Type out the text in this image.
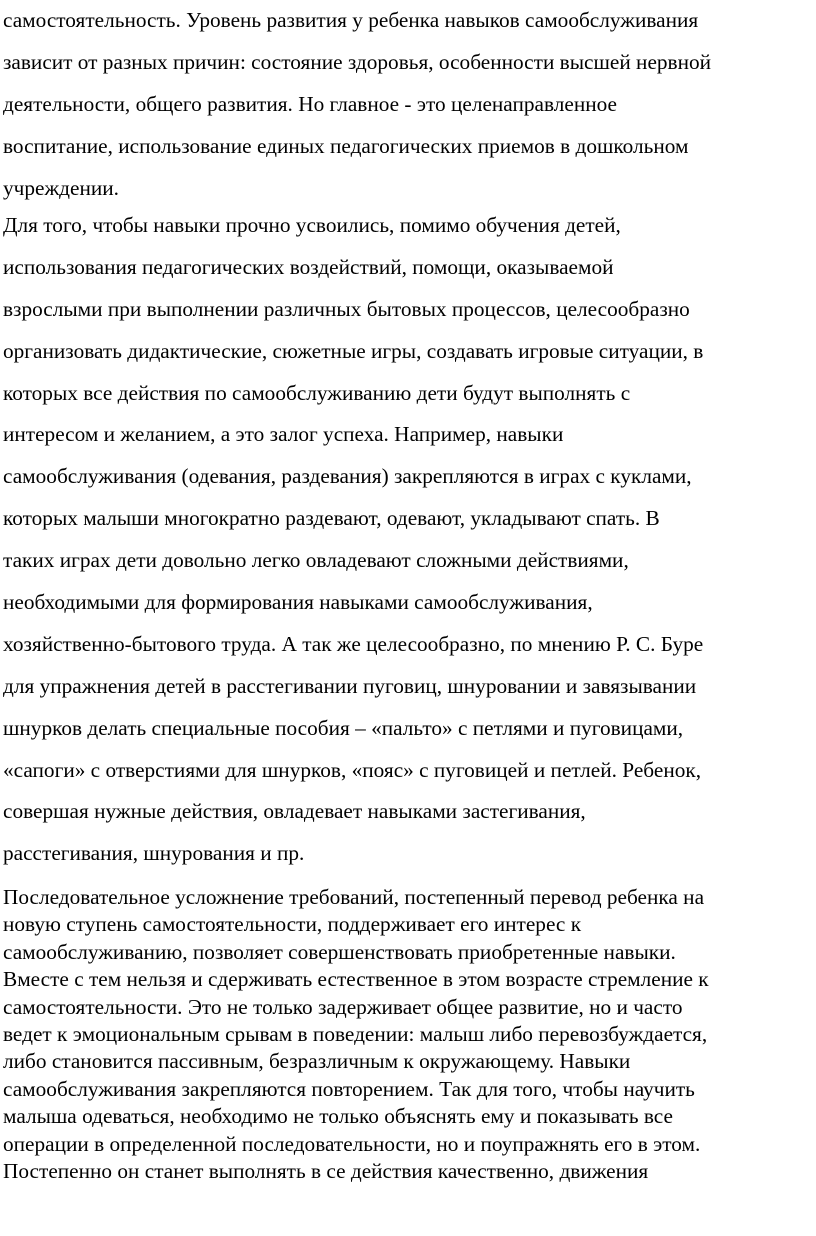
самостоятельность. Уровень развития у ребенка навыков самообслуживания
зависит от разных причин: состояние здоровья, особенности высшей нервной
деятельности, общего развития. Но главное - это целенаправленное
воспитание, использование единых педагогических приемов в дошкольном
учреждении.
Для того, чтобы навыки прочно усвоились, помимо обучения детей,
использования педагогических воздействий, помощи, оказываемой
взрослыми при выполнении различных бытовых процессов, целесообразно
организовать дидактические, сюжетные игры, создавать игровые ситуации, в
которых все действия по самообслуживанию дети будут выполнять с
интересом и желанием, а это залог успеха. Например, навыки
самообслуживания (одевания, раздевания) закрепляются в играх с куклами,
которых малыши многократно раздевают, одевают, укладывают спать. В
таких играх дети довольно легко овладевают сложными действиями,
необходимыми для формирования навыками самообслуживания,
хозяйственно-бытового труда. А так же целесообразно, по мнению Р. С. Буре
для упражнения детей в расстегивании пуговиц, шнуровании и завязывании
шнурков делать специальные пособия – «пальто» с петлями и пуговицами,
«сапоги» с отверстиями для шнурков, «пояс» с пуговицей и петлей. Ребенок,
совершая нужные действия, овладевает навыками застегивания,
расстегивания, шнурования и пр.
Последовательное усложнение требований, постепенный перевод ребенка на
новую ступень самостоятельности, поддерживает его интерес к
самообслуживанию, позволяет совершенствовать приобретенные навыки.
Вместе с тем нельзя и сдерживать естественное в этом возрасте стремление к
самостоятельности. Это не только задерживает общее развитие, но и часто
ведет к эмоциональным срывам в поведении: малыш либо перевозбуждается,
либо становится пассивным, безразличным к окружающему. Навыки
самообслуживания закрепляются повторением. Так для того, чтобы научить
малыша одеваться, необходимо не только объяснять ему и показывать все
операции в определенной последовательности, но и поупражнять его в этом.
Постепенно он станет выполнять в се действия качественно, движения
